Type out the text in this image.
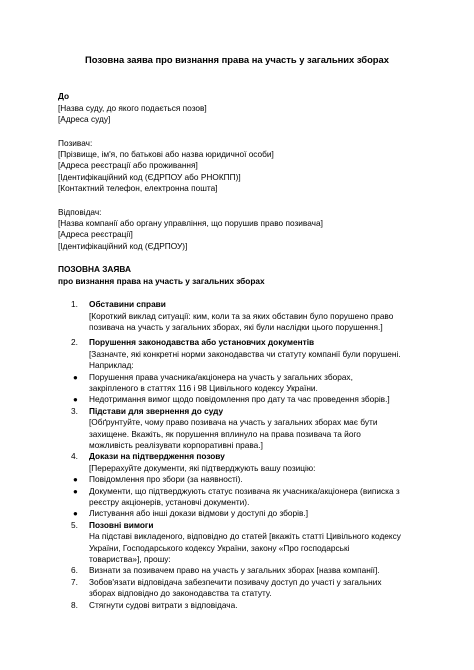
Позовна заява про визнання права на участь у загальних зборах
До
[Назва суду, до якого подається позов]
[Адреса суду]
Позивач:
[Прізвище, ім'я, по батькові або назва юридичної особи]
[Адреса реєстрації або проживання]
[Ідентифікаційний код (ЄДРПОУ або РНОКПП)]
[Контактний телефон, електронна пошта]
Відповідач:
[Назва компанії або органу управління, що порушив право позивача]
[Адреса реєстрації]
[Ідентифікаційний код (ЄДРПОУ)]
ПОЗОВНА ЗАЯВА
про визнання права на участь у загальних зборах
1. Обставини справи
[Короткий виклад ситуації: ким, коли та за яких обставин було порушено право
позивача на участь у загальних зборах, які були наслідки цього порушення.]
2. Порушення законодавства або установчих документів
[Зазначте, які конкретні норми законодавства чи статуту компанії були порушені.
Наприклад:
● Порушення права учасника/акціонера на участь у загальних зборах,
закріпленого в статтях 116 і 98 Цивільного кодексу України.
● Недотримання вимог щодо повідомлення про дату та час проведення зборів.]
3. Підстави для звернення до суду
[Обґрунтуйте, чому право позивача на участь у загальних зборах має бути
захищене. Вкажіть, як порушення вплинуло на права позивача та його
можливість реалізувати корпоративні права.]
4. Докази на підтвердження позову
[Перерахуйте документи, які підтверджують вашу позицію:
● Повідомлення про збори (за наявності).
● Документи, що підтверджують статус позивача як учасника/акціонера (виписка з
реєстру акціонерів, установчі документи).
● Листування або інші докази відмови у доступі до зборів.]
5. Позовні вимоги
На підставі викладеного, відповідно до статей [вкажіть статті Цивільного кодексу
України, Господарського кодексу України, закону «Про господарські
товариства»], прошу:
6. Визнати за позивачем право на участь у загальних зборах [назва компанії].
7. Зобов'язати відповідача забезпечити позивачу доступ до участі у загальних
зборах відповідно до законодавства та статуту.
8. Стягнути судові витрати з відповідача.
